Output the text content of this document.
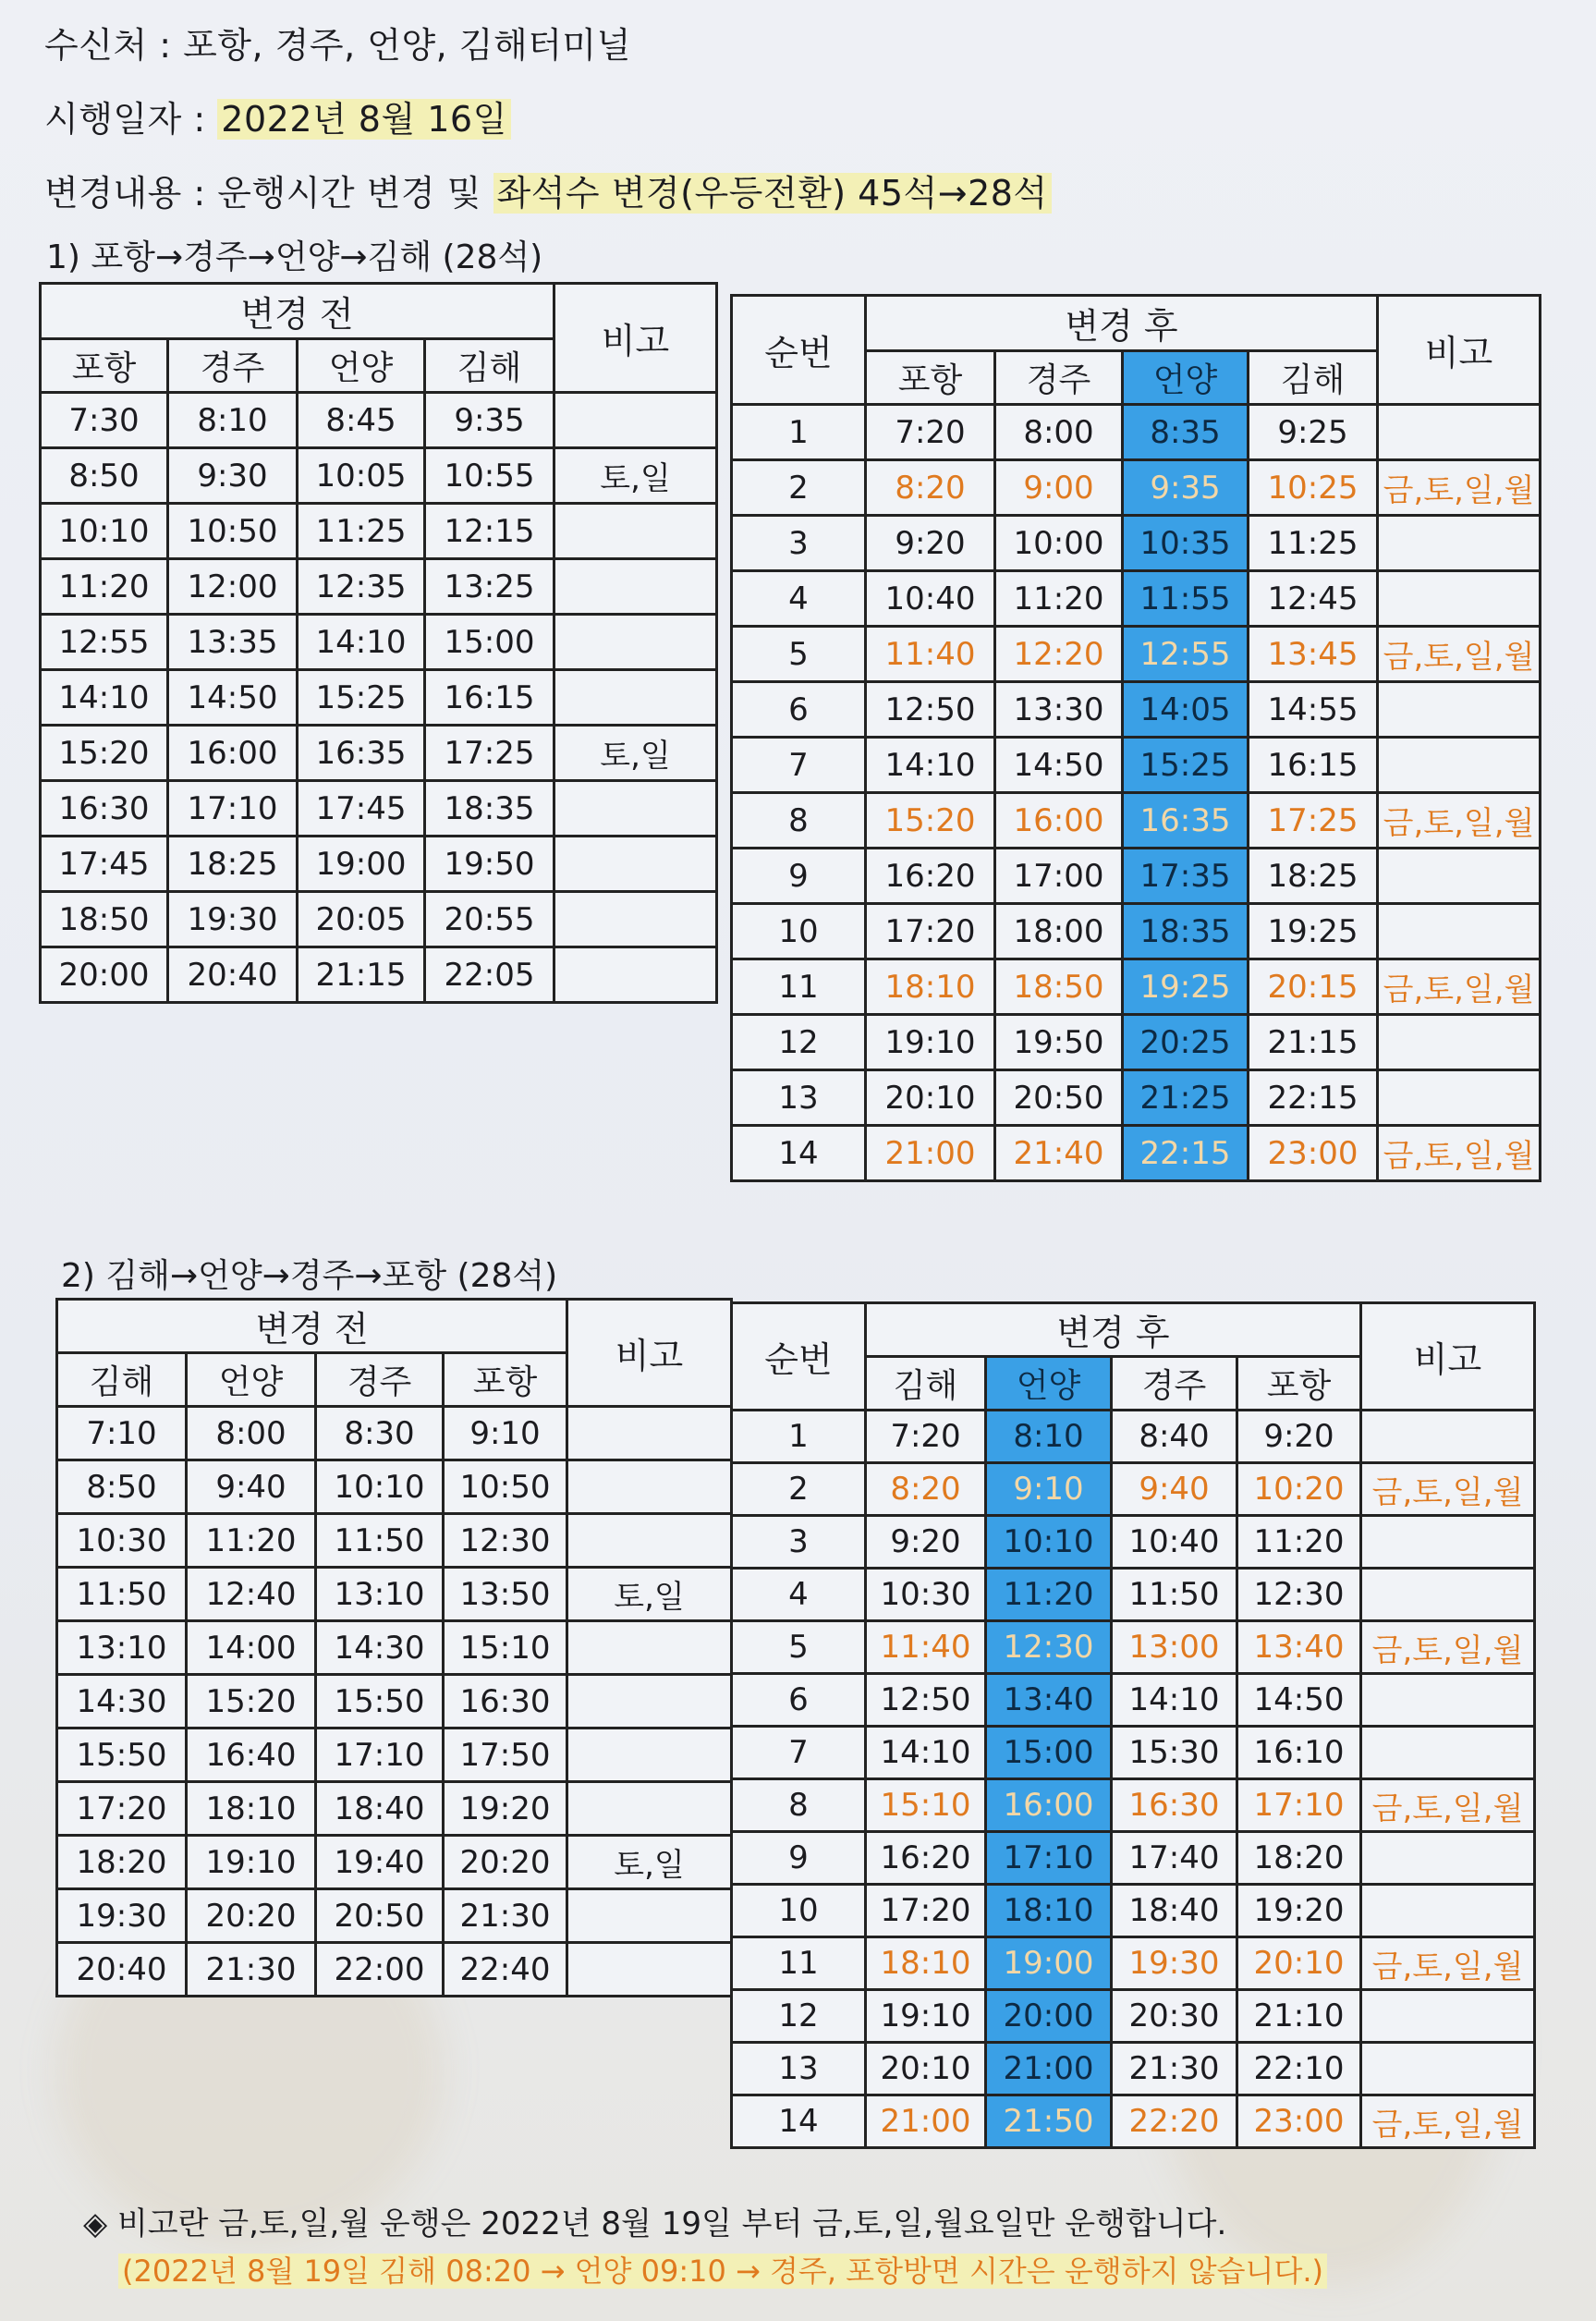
수신처 : 포항, 경주, 언양, 김해터미널
시행일자 : 2022년 8월 16일
변경내용 : 운행시간 변경 및 좌석수 변경(우등전환) 45석→28석
1) 포항→경주→언양→김해 (28석)
2) 김해→언양→경주→포항 (28석)
변경 전
비고
포항	경주	언양	김해
7:30	8:10	8:45	9:35
8:50	9:30	10:05	10:55	토,일
10:10	10:50	11:25	12:15
11:20	12:00	12:35	13:25
12:55	13:35	14:10	15:00
14:10	14:50	15:25	16:15
15:20	16:00	16:35	17:25	토,일
16:30	17:10	17:45	18:35
17:45	18:25	19:00	19:50
18:50	19:30	20:05	20:55
20:00	20:40	21:15	22:05
순번
변경 후
비고
포항	경주	언양	김해
1	7:20	8:00	8:35	9:25
2	8:20	9:00	9:35	10:25 금,토,일,월
3	9:20	10:00	10:35	11:25
4	10:40	11:20	11:55	12:45
5	11:40	12:20	12:55	13:45 금,토,일,월
6	12:50	13:30	14:05	14:55
7	14:10	14:50	15:25	16:15
8	15:20	16:00	16:35	17:25 금,토,일,월
9	16:20	17:00	17:35	18:25
10	17:20	18:00	18:35	19:25
11	18:10	18:50	19:25	20:15 금,토,일,월
12	19:10	19:50	20:25	21:15
13	20:10	20:50	21:25	22:15
14	21:00	21:40	22:15	23:00 금,토,일,월
변경 전
비고
김해	언양	경주	포항
7:10	8:00	8:30	9:10
8:50	9:40	10:10	10:50
10:30	11:20	11:50	12:30
11:50	12:40	13:10	13:50	토,일
13:10	14:00	14:30	15:10
14:30	15:20	15:50	16:30
15:50	16:40	17:10	17:50
17:20	18:10	18:40	19:20
18:20	19:10	19:40	20:20	토,일
19:30	20:20	20:50	21:30
20:40	21:30	22:00	22:40
순번
변경 후
비고
김해	언양	경주	포항
1	7:20	8:10	8:40	9:20
2	8:20	9:10	9:40	10:20 금,토,일,월
3	9:20	10:10	10:40	11:20
4	10:30	11:20	11:50	12:30
5	11:40	12:30	13:00	13:40 금,토,일,월
6	12:50	13:40	14:10	14:50
7	14:10	15:00	15:30	16:10
8	15:10	16:00	16:30	17:10 금,토,일,월
9	16:20	17:10	17:40	18:20
10	17:20	18:10	18:40	19:20
11	18:10	19:00	19:30	20:10 금,토,일,월
12	19:10	20:00	20:30	21:10
13	20:10	21:00	21:30	22:10
14	21:00	21:50	22:20	23:00 금,토,일,월
◈ 비고란 금,토,일,월 운행은 2022년 8월 19일 부터 금,토,일,월요일만 운행합니다.
(2022년 8월 19일 김해 08:20 → 언양 09:10 → 경주, 포항방면 시간은 운행하지 않습니다.)
